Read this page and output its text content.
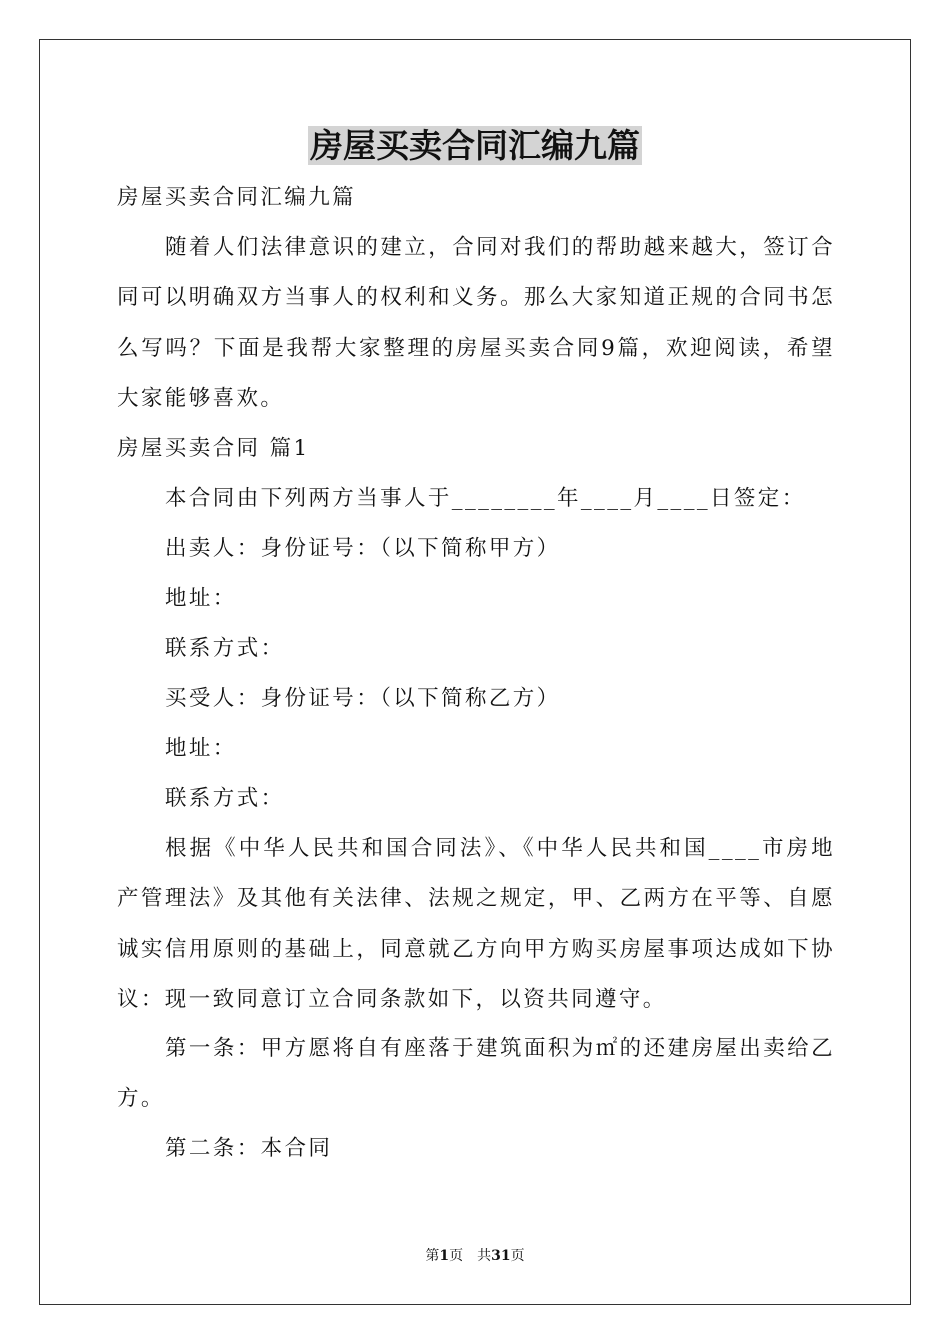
房屋买卖合同汇编九篇

房屋买卖合同汇编九篇

随着人们法律意识的建立，合同对我们的帮助越来越大，签订合同可以明确双方当事人的权利和义务。那么大家知道正规的合同书怎么写吗？下面是我帮大家整理的房屋买卖合同9篇，欢迎阅读，希望大家能够喜欢。

房屋买卖合同 篇1

本合同由下列两方当事人于________年____月____日签定：

出卖人：身份证号：（以下简称甲方）

地址：

联系方式：

买受人：身份证号：（以下简称乙方）

地址：

联系方式：

根据《中华人民共和国合同法》、《中华人民共和国____市房地产管理法》及其他有关法律、法规之规定，甲、乙两方在平等、自愿诚实信用原则的基础上，同意就乙方向甲方购买房屋事项达成如下协议：现一致同意订立合同条款如下，以资共同遵守。

第一条：甲方愿将自有座落于建筑面积为㎡的还建房屋出卖给乙方。

第二条：本合同

第1页　共31页
